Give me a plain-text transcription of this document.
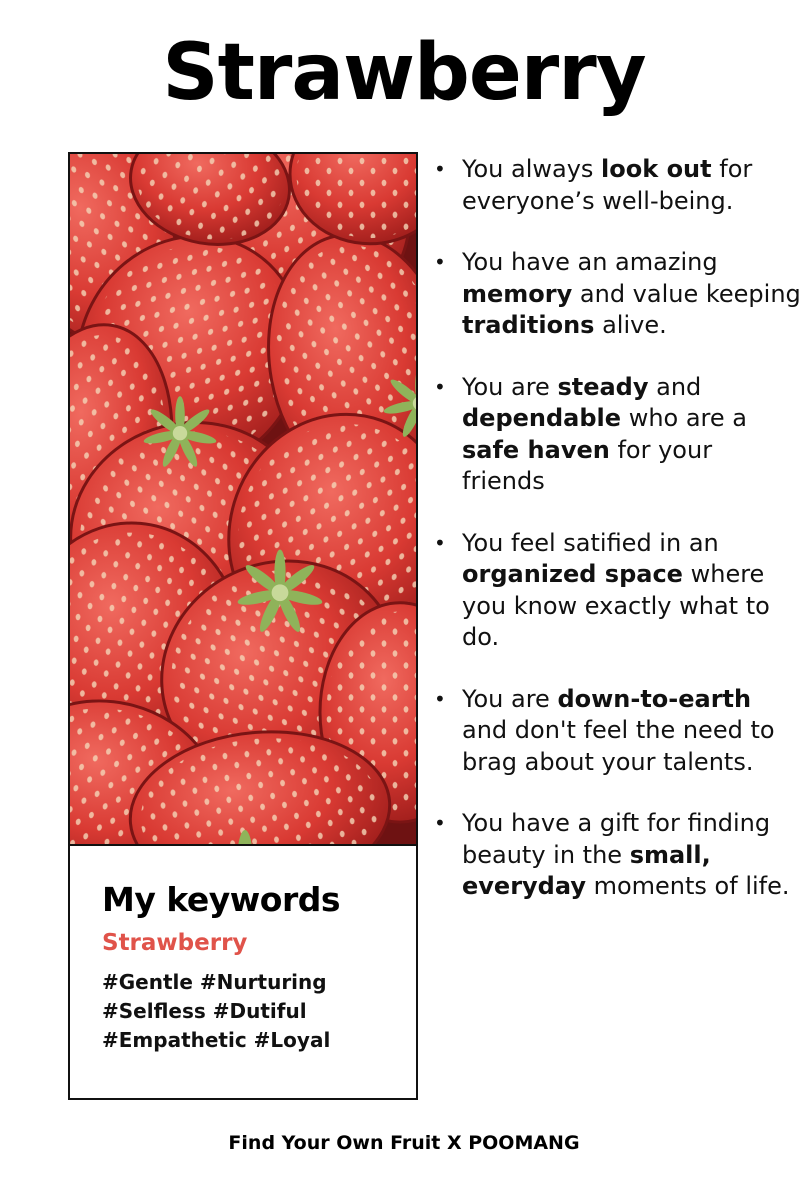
Strawberry
My keywords
Strawberry
#Gentle #Nurturing
#Selfless #Dutiful
#Empathetic #Loyal
• You always look out for everyone’s well-being.
• You have an amazing memory and value keeping traditions alive.
• You are steady and dependable who are a safe haven for your friends
• You feel satified in an organized space where you know exactly what to do.
• You are down-to-earth and don't feel the need to brag about your talents.
• You have a gift for finding beauty in the small, everyday moments of life.
Find Your Own Fruit X POOMANG
